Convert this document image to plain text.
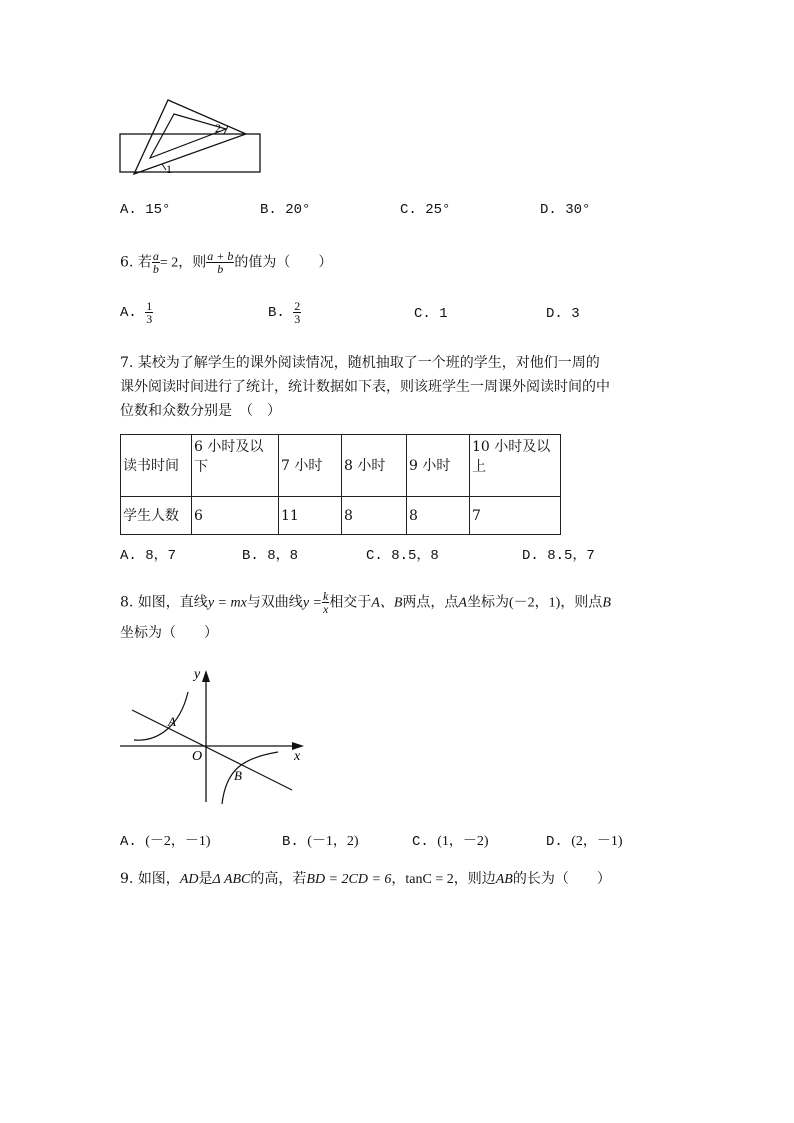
1
2
A. 15°	B. 20°	C. 25°	D. 30°
6. 若 $\frac{a}{b} = 2$，则 $\frac{a + b}{b}$ 的值为（　　）
A. $\frac{1}{3}$	B. $\frac{2}{3}$	C. 1	D. 3
7. 某校为了解学生的课外阅读情况，随机抽取了一个班的学生，对他们一周的
课外阅读时间进行了统计，统计数据如下表，则该班学生一周课外阅读时间的中
位数和众数分别是　（　）
读书时间	6 小时及以下	7 小时	8 小时	9 小时	10 小时及以上
学生人数	6	11	8	8	7
A. 8，7	B. 8，8	C. 8.5，8	D. 8.5，7
8. 如图，直线y = mx与双曲线$y = \frac{k}{x}$ 相交于A、B两点，点A坐标为(－2，1)，则点B
坐标为（　　）
y
x
O
A
B
A. (－2，－1)	B. (－1，2)	C. (1，－2)	D. (2，－1)
9. 如图，AD是Δ ABC的高，若BD = 2CD = 6，tanC = 2，则边AB的长为（　　）
